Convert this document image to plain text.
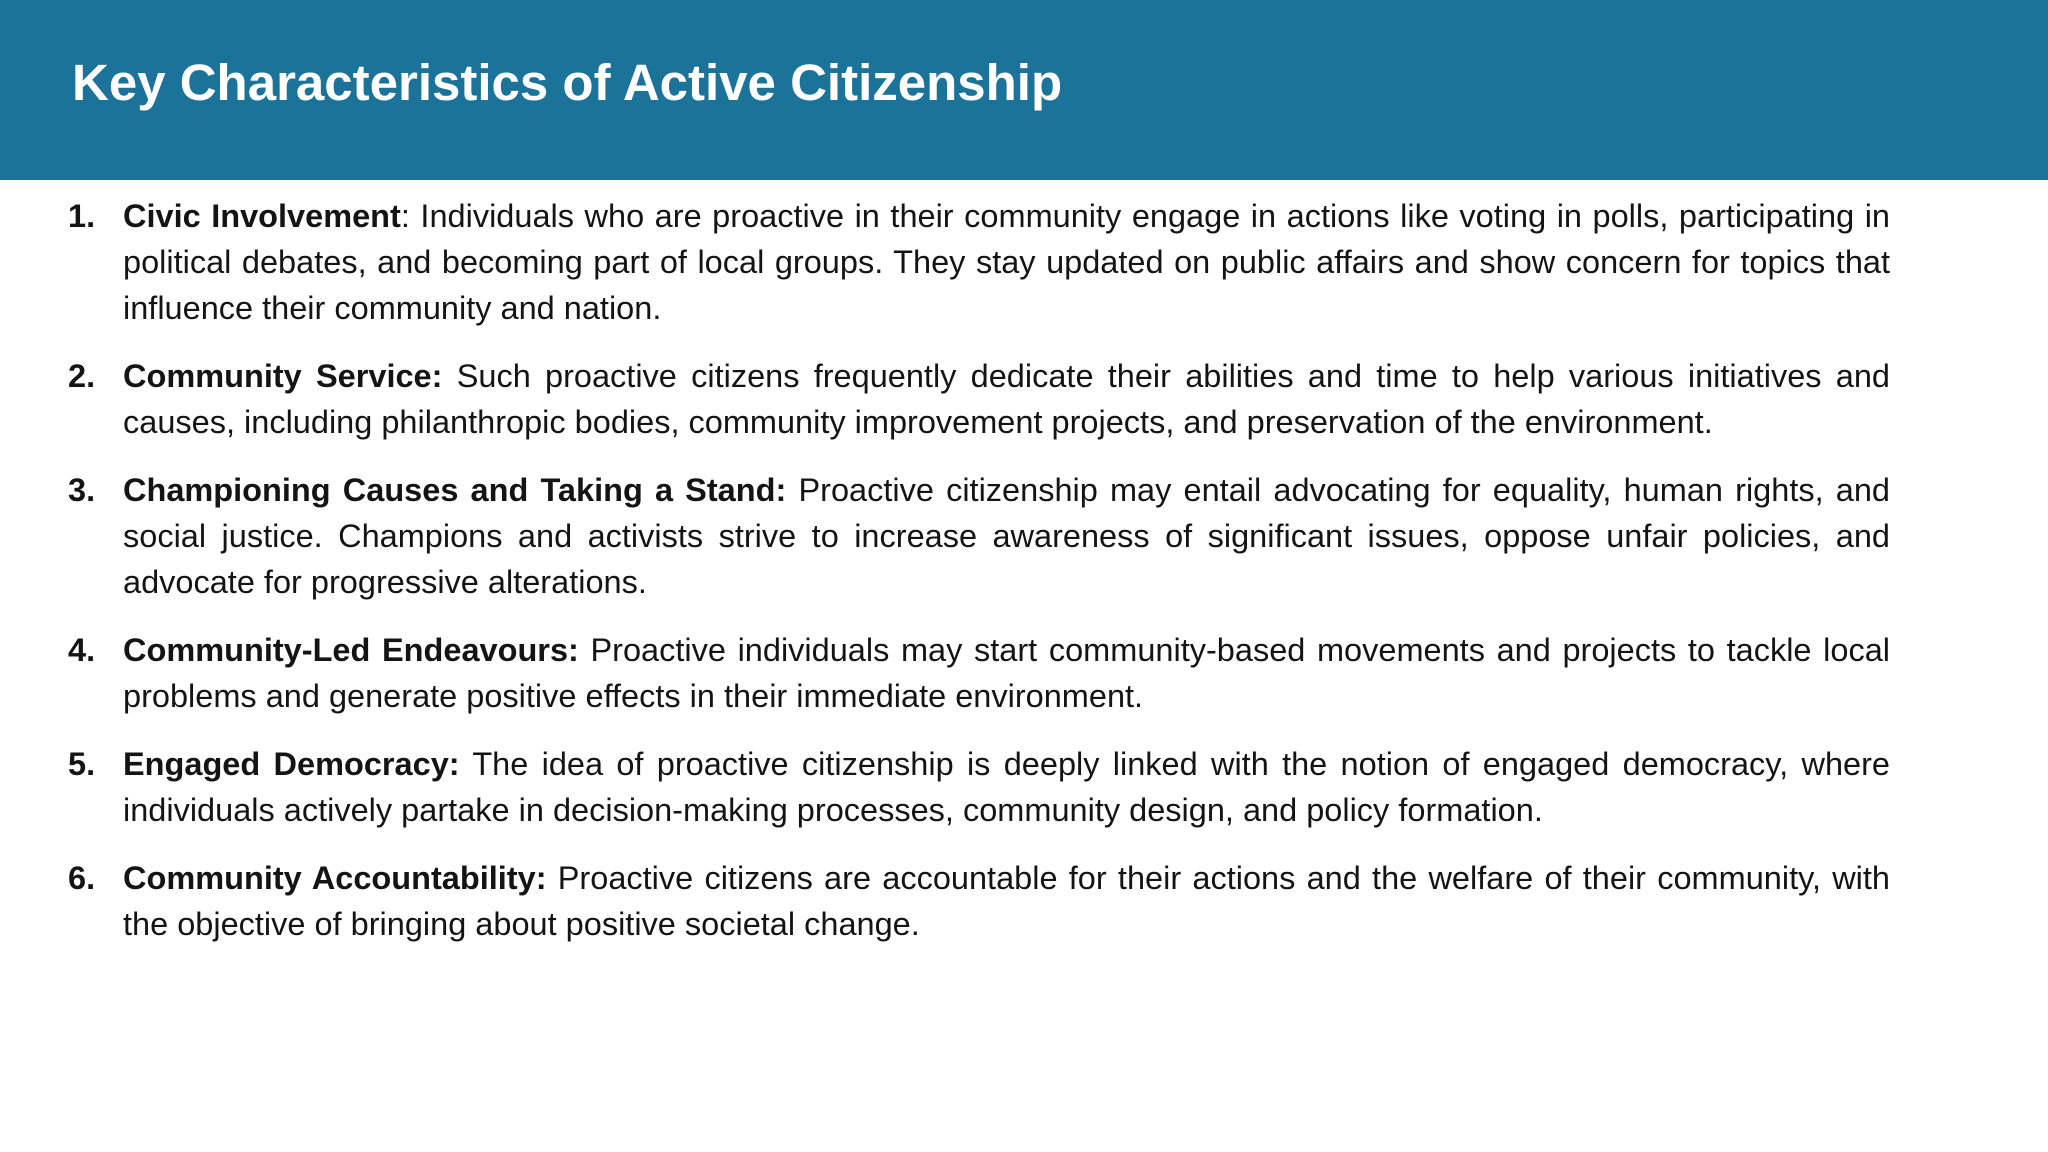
Key Characteristics of Active Citizenship
1. Civic Involvement: Individuals who are proactive in their community engage in actions like voting in polls, participating in political debates, and becoming part of local groups. They stay updated on public affairs and show concern for topics that influence their community and nation.
2. Community Service: Such proactive citizens frequently dedicate their abilities and time to help various initiatives and causes, including philanthropic bodies, community improvement projects, and preservation of the environment.
3. Championing Causes and Taking a Stand: Proactive citizenship may entail advocating for equality, human rights, and social justice. Champions and activists strive to increase awareness of significant issues, oppose unfair policies, and advocate for progressive alterations.
4. Community-Led Endeavours: Proactive individuals may start community-based movements and projects to tackle local problems and generate positive effects in their immediate environment.
5. Engaged Democracy: The idea of proactive citizenship is deeply linked with the notion of engaged democracy, where individuals actively partake in decision-making processes, community design, and policy formation.
6. Community Accountability: Proactive citizens are accountable for their actions and the welfare of their community, with the objective of bringing about positive societal change.
